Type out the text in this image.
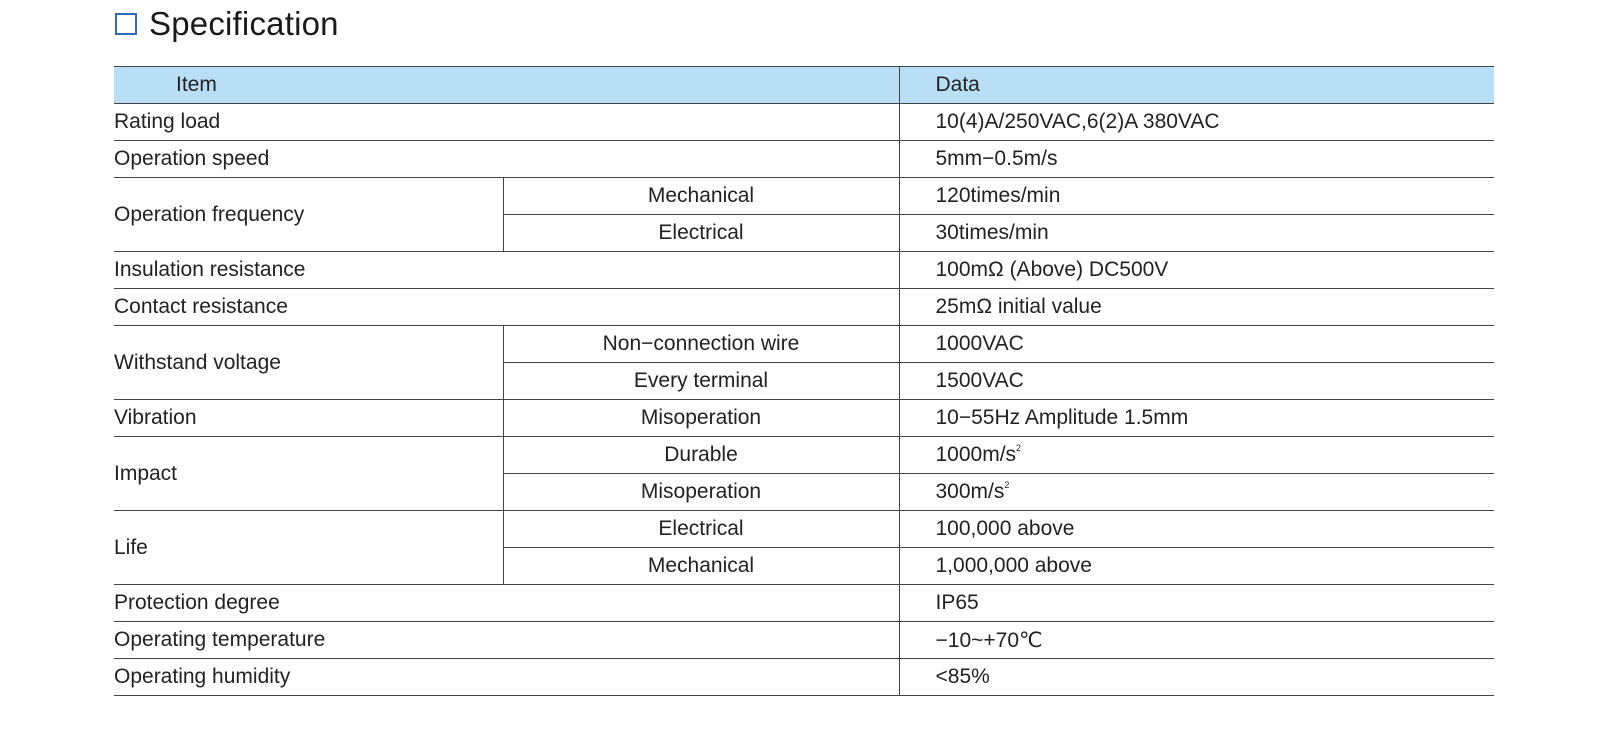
Specification
Item		Data
Rating load		10(4)A/250VAC,6(2)A 380VAC
Operation speed		5mm−0.5m/s
Operation frequency	Mechanical	120times/min
	Electrical	30times/min
Insulation resistance		100mΩ (Above) DC500V
Contact resistance		25mΩ initial value
Withstand voltage	Non−connection wire	1000VAC
	Every terminal	1500VAC
Vibration	Misoperation	10−55Hz Amplitude 1.5mm
Impact	Durable	$1000m/s^2$
	Misoperation	$300m/s^2$
Life	Electrical	100,000 above
	Mechanical	1,000,000 above
Protection degree		IP65
Operating temperature		−10~+70℃
Operating humidity		<85%
